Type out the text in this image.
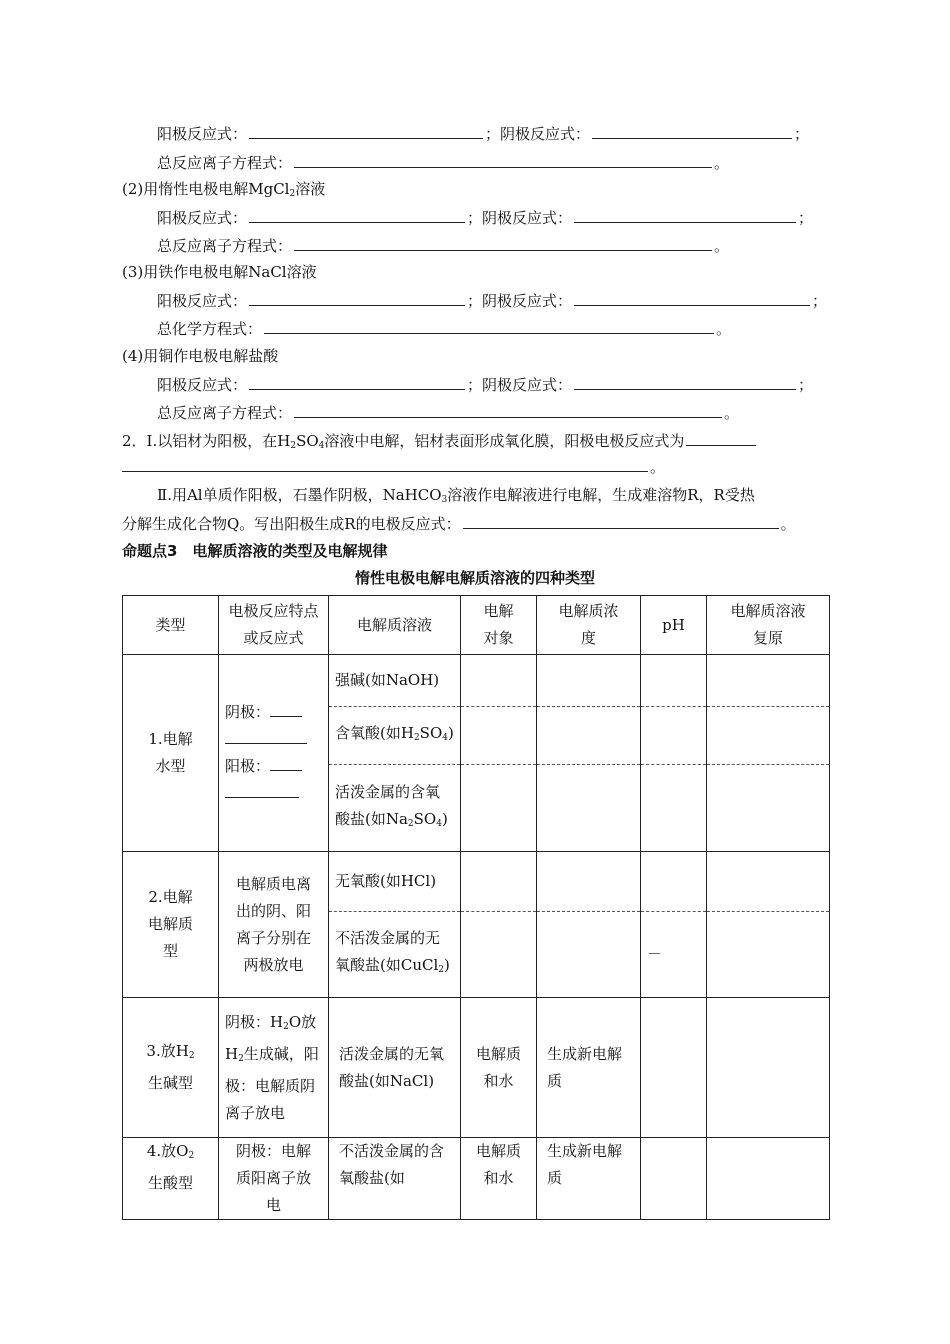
阳极反应式：	；阴极反应式：	；
总反应离子方程式：	。
(2)用惰性电极电解MgCl$_2$溶液
阳极反应式：	；阴极反应式：	；
总反应离子方程式：	。
(3)用铁作电极电解NaCl溶液
阳极反应式：	；阴极反应式：	；
总化学方程式：	。
(4)用铜作电极电解盐酸
阳极反应式：	；阴极反应式：	；
总反应离子方程式：	。
2．Ⅰ.以铝材为阳极，在$H_2SO_4$溶液中电解，铝材表面形成氧化膜，阳极电极反应式为
。
Ⅱ.用Al单质作阳极，石墨作阴极，NaHCO$_3$溶液作电解液进行电解，生成难溶物R，R受热
分解生成化合物Q。写出阳极生成R的电极反应式：	。
命题点3　电解质溶液的类型及电解规律
惰性电极电解电解质溶液的四种类型
类型	电极反应特点或反应式	电解质溶液	电解对象	电解质浓度	pH	电解质溶液复原
1.电解水型	阴极：
阳极：	强碱(如NaOH)				
		含氧酸(如$H_2SO_4$)				
		活泼金属的含氧酸盐(如$Na_2SO_4$)				
2.电解电解质型	电解质电离出的阴、阳离子分别在两极放电	无氧酸(如HCl)				
		不活泼金属的无氧酸盐(如CuCl$_2$)			－	
3.放$H_2$生碱型	阴极：$H_2O$放$H_2$生成碱，阳极：电解质阴离子放电	活泼金属的无氧酸盐(如NaCl)	电解质和水	生成新电解质		
4.放$O_2$生酸型	阴极：电解质阳离子放电	不活泼金属的含氧酸盐(如	电解质和水	生成新电解质		
